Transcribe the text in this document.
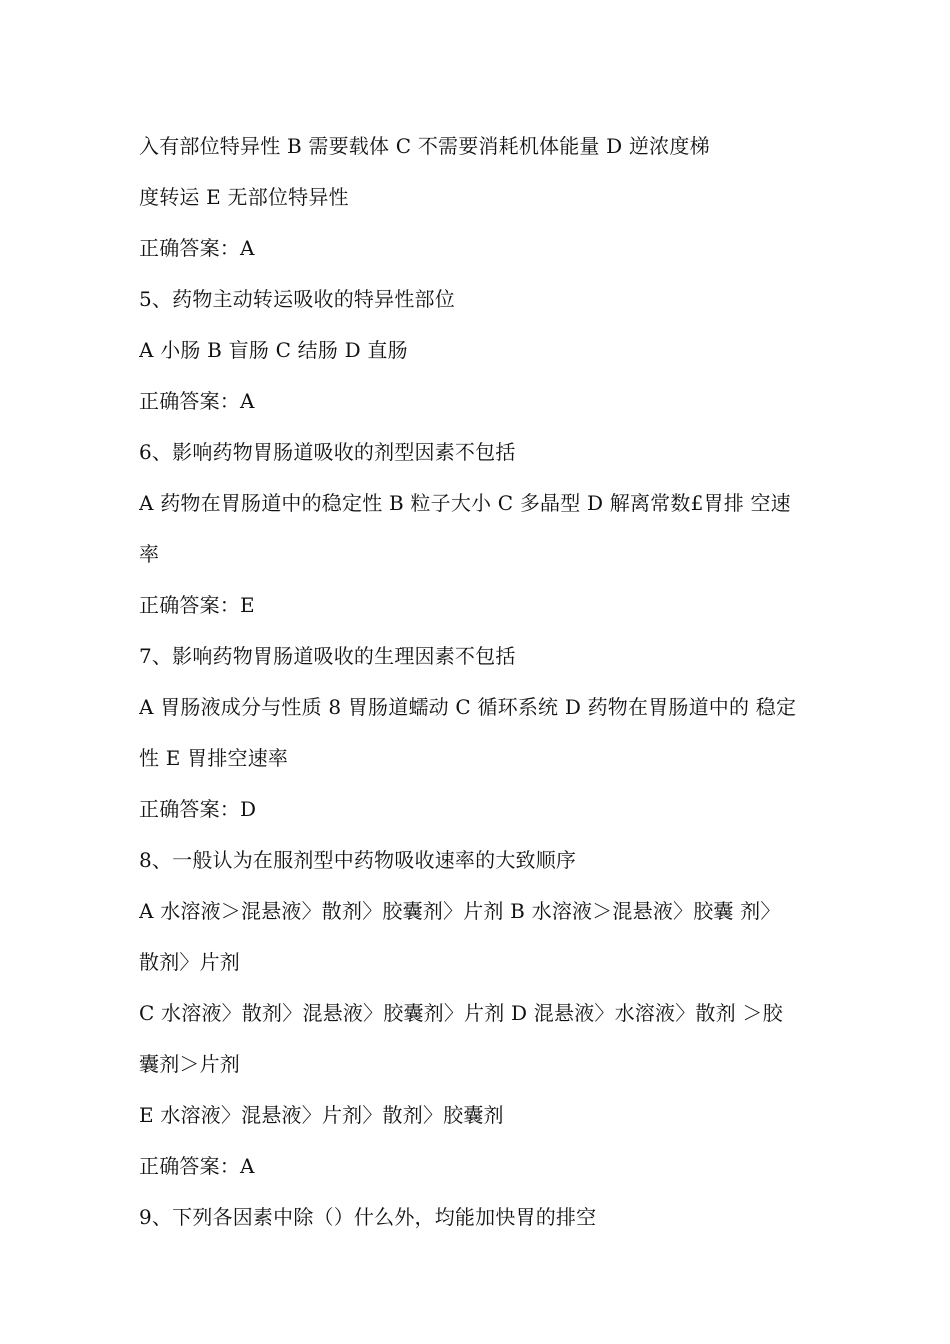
入有部位特异性 B 需要载体 C 不需要消耗机体能量 D 逆浓度梯
度转运 E 无部位特异性
正确答案：A
5、药物主动转运吸收的特异性部位
A 小肠 B 盲肠 C 结肠 D 直肠
正确答案：A
6、影响药物胃肠道吸收的剂型因素不包括
A 药物在胃肠道中的稳定性 B 粒子大小 C 多晶型 D 解离常数£胃排 空速
率
正确答案：E
7、影响药物胃肠道吸收的生理因素不包括
A 胃肠液成分与性质 8 胃肠道蠕动 C 循环系统 D 药物在胃肠道中的 稳定
性 E 胃排空速率
正确答案：D
8、一般认为在服剂型中药物吸收速率的大致顺序
A 水溶液＞混悬液〉散剂〉胶囊剂〉片剂 B 水溶液＞混悬液〉胶囊 剂〉
散剂〉片剂
C 水溶液〉散剂〉混悬液〉胶囊剂〉片剂 D 混悬液〉水溶液〉散剂 ＞胶
囊剂＞片剂
E 水溶液〉混悬液〉片剂〉散剂〉胶囊剂
正确答案：A
9、下列各因素中除（）什么外，均能加快胃的排空
